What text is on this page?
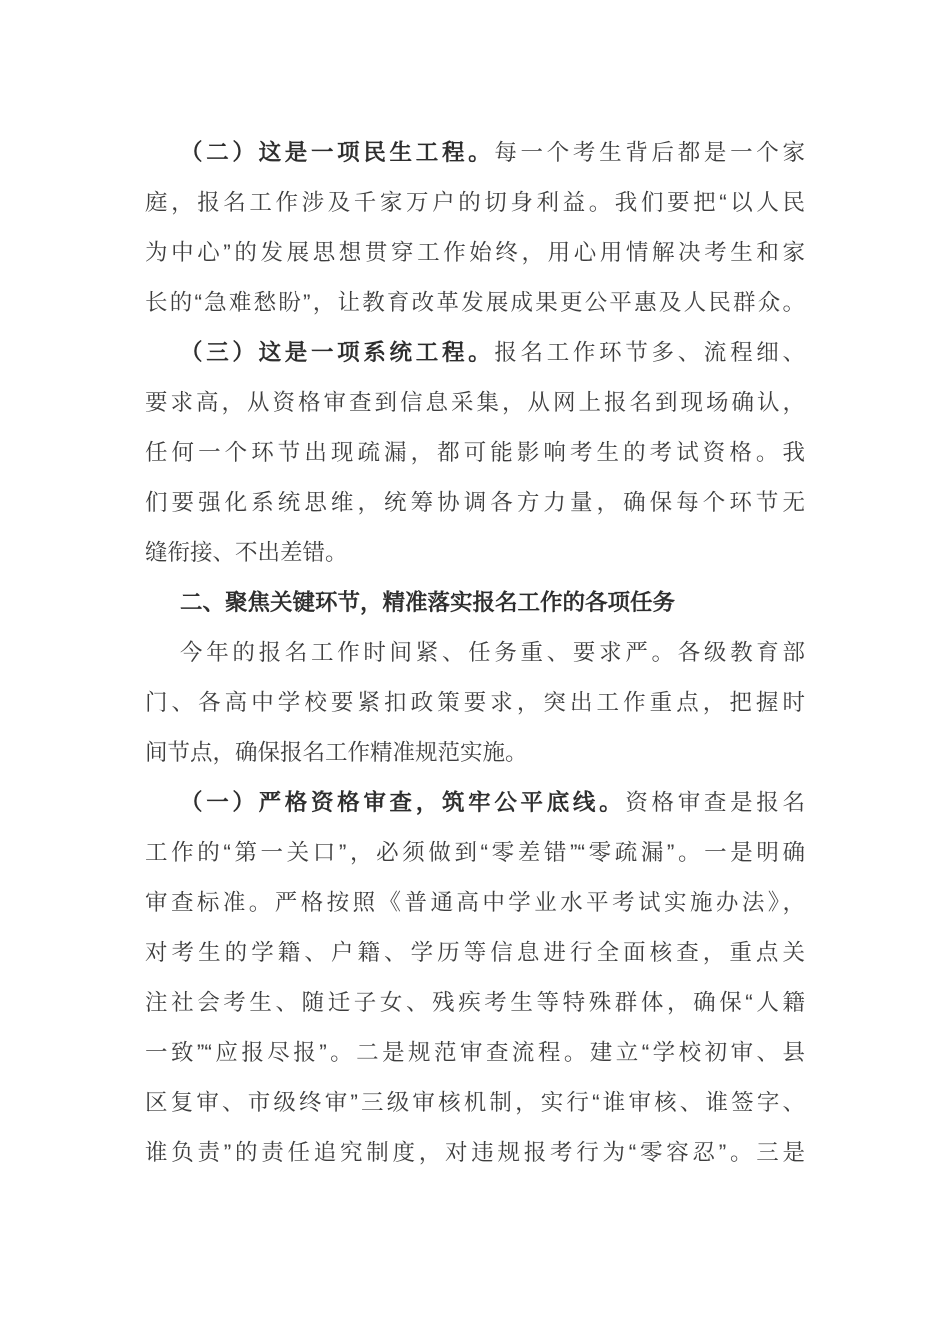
（二）这是一项民生工程。每一个考生背后都是一个家
庭，报名工作涉及千家万户的切身利益。我们要把“以人民
为中心”的发展思想贯穿工作始终，用心用情解决考生和家
长的“急难愁盼”，让教育改革发展成果更公平惠及人民群众。
（三）这是一项系统工程。报名工作环节多、流程细、
要求高，从资格审查到信息采集，从网上报名到现场确认，
任何一个环节出现疏漏，都可能影响考生的考试资格。我
们要强化系统思维，统筹协调各方力量，确保每个环节无
缝衔接、不出差错。
二、聚焦关键环节，精准落实报名工作的各项任务
今年的报名工作时间紧、任务重、要求严。各级教育部
门、各高中学校要紧扣政策要求，突出工作重点，把握时
间节点，确保报名工作精准规范实施。
（一）严格资格审查，筑牢公平底线。资格审查是报名
工作的“第一关口”，必须做到“零差错”“零疏漏”。一是明确
审查标准。严格按照《普通高中学业水平考试实施办法》，
对考生的学籍、户籍、学历等信息进行全面核查，重点关
注社会考生、随迁子女、残疾考生等特殊群体，确保“人籍
一致”“应报尽报”。二是规范审查流程。建立“学校初审、县
区复审、市级终审”三级审核机制，实行“谁审核、谁签字、
谁负责”的责任追究制度，对违规报考行为“零容忍”。三是
